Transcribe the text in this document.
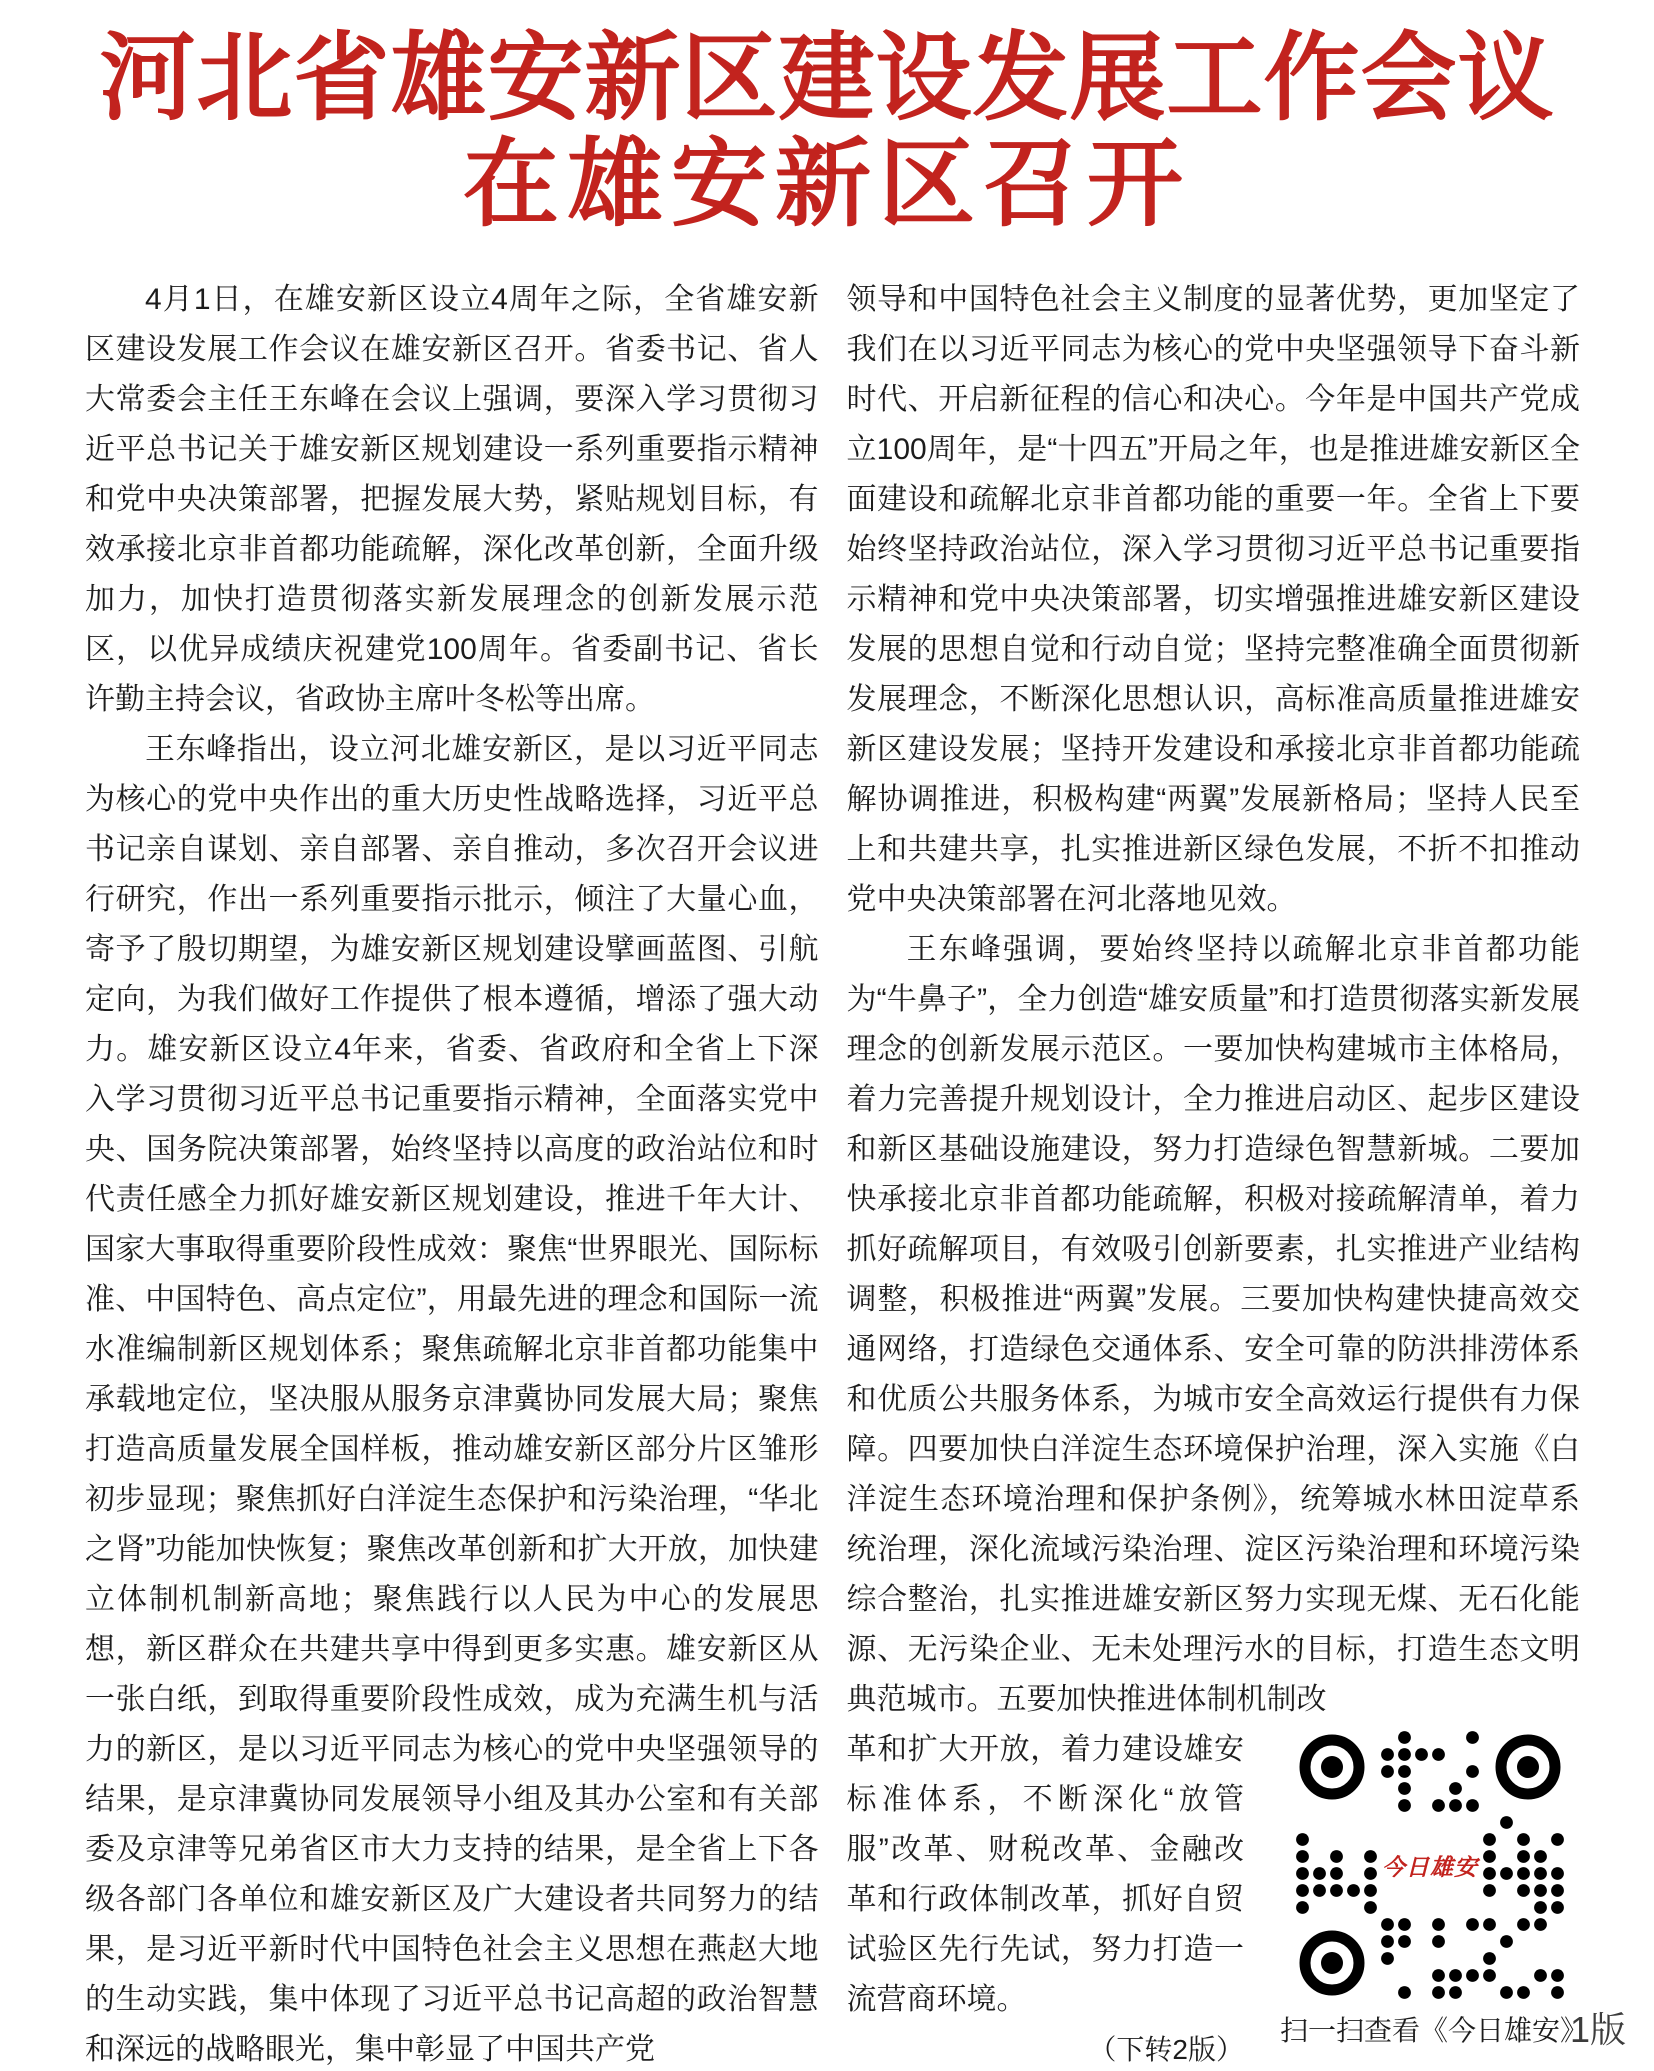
河北省雄安新区建设发展工作会议
在雄安新区召开

4月1日，在雄安新区设立4周年之际，全省雄安新区建设发展工作会议在雄安新区召开。省委书记、省人大常委会主任王东峰在会议上强调，要深入学习贯彻习近平总书记关于雄安新区规划建设一系列重要指示精神和党中央决策部署，把握发展大势，紧贴规划目标，有效承接北京非首都功能疏解，深化改革创新，全面升级加力，加快打造贯彻落实新发展理念的创新发展示范区，以优异成绩庆祝建党100周年。省委副书记、省长许勤主持会议，省政协主席叶冬松等出席。

王东峰指出，设立河北雄安新区，是以习近平同志为核心的党中央作出的重大历史性战略选择，习近平总书记亲自谋划、亲自部署、亲自推动，多次召开会议进行研究，作出一系列重要指示批示，倾注了大量心血，寄予了殷切期望，为雄安新区规划建设擘画蓝图、引航定向，为我们做好工作提供了根本遵循，增添了强大动力。雄安新区设立4年来，省委、省政府和全省上下深入学习贯彻习近平总书记重要指示精神，全面落实党中央、国务院决策部署，始终坚持以高度的政治站位和时代责任感全力抓好雄安新区规划建设，推进千年大计、国家大事取得重要阶段性成效：聚焦“世界眼光、国际标准、中国特色、高点定位”，用最先进的理念和国际一流水准编制新区规划体系；聚焦疏解北京非首都功能集中承载地定位，坚决服从服务京津冀协同发展大局；聚焦打造高质量发展全国样板，推动雄安新区部分片区雏形初步显现；聚焦抓好白洋淀生态保护和污染治理，“华北之肾”功能加快恢复；聚焦改革创新和扩大开放，加快建立体制机制新高地；聚焦践行以人民为中心的发展思想，新区群众在共建共享中得到更多实惠。雄安新区从一张白纸，到取得重要阶段性成效，成为充满生机与活力的新区，是以习近平同志为核心的党中央坚强领导的结果，是京津冀协同发展领导小组及其办公室和有关部委及京津等兄弟省区市大力支持的结果，是全省上下各级各部门各单位和雄安新区及广大建设者共同努力的结果，是习近平新时代中国特色社会主义思想在燕赵大地的生动实践，集中体现了习近平总书记高超的政治智慧和深远的战略眼光，集中彰显了中国共产党

领导和中国特色社会主义制度的显著优势，更加坚定了我们在以习近平同志为核心的党中央坚强领导下奋斗新时代、开启新征程的信心和决心。今年是中国共产党成立100周年，是“十四五”开局之年，也是推进雄安新区全面建设和疏解北京非首都功能的重要一年。全省上下要始终坚持政治站位，深入学习贯彻习近平总书记重要指示精神和党中央决策部署，切实增强推进雄安新区建设发展的思想自觉和行动自觉；坚持完整准确全面贯彻新发展理念，不断深化思想认识，高标准高质量推进雄安新区建设发展；坚持开发建设和承接北京非首都功能疏解协调推进，积极构建“两翼”发展新格局；坚持人民至上和共建共享，扎实推进新区绿色发展，不折不扣推动党中央决策部署在河北落地见效。

王东峰强调，要始终坚持以疏解北京非首都功能为“牛鼻子”，全力创造“雄安质量”和打造贯彻落实新发展理念的创新发展示范区。一要加快构建城市主体格局，着力完善提升规划设计，全力推进启动区、起步区建设和新区基础设施建设，努力打造绿色智慧新城。二要加快承接北京非首都功能疏解，积极对接疏解清单，着力抓好疏解项目，有效吸引创新要素，扎实推进产业结构调整，积极推进“两翼”发展。三要加快构建快捷高效交通网络，打造绿色交通体系、安全可靠的防洪排涝体系和优质公共服务体系，为城市安全高效运行提供有力保障。四要加快白洋淀生态环境保护治理，深入实施《白洋淀生态环境治理和保护条例》，统筹城水林田淀草系统治理，深化流域污染治理、淀区污染治理和环境污染综合整治，扎实推进雄安新区努力实现无煤、无石化能源、无污染企业、无未处理污水的目标，打造生态文明典范城市。五要加快推进体制机制改

今日雄安
扫一扫查看《今日雄安》

革和扩大开放，着力建设雄安标准体系，不断深化“放管服”改革、财税改革、金融改革和行政体制改革，抓好自贸试验区先行先试，努力打造一流营商环境。

（下转2版）	1版
